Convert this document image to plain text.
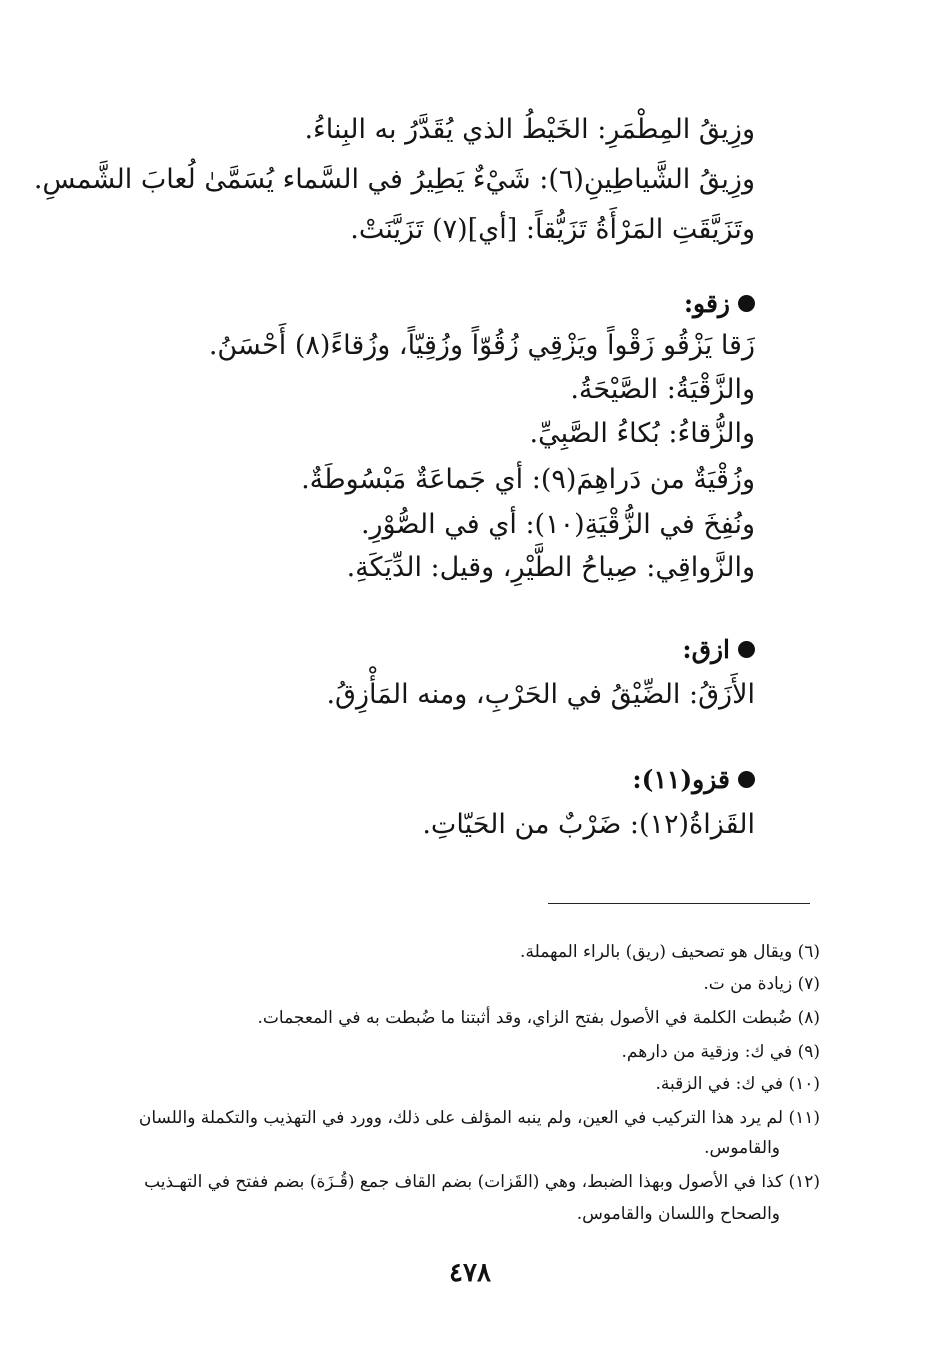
وزِيقُ المِطْمَرِ: الخَيْطُ الذي يُقَدَّرُ به البِناءُ.
وزِيقُ الشَّياطِينِ(٦): شَيْءٌ يَطِيرُ في السَّماء يُسَمَّىٰ لُعابَ الشَّمسِ.
وتَزَيَّقَتِ المَرْأَةُ تَزَيُّقاً: [أي](٧) تَزَيَّنَتْ.
زقو:
زَقا يَزْقُو زَقْواً ويَزْقِي زُقُوّاً وزُقِيّاً، وزُقاءً(٨) أَحْسَنُ.
والزَّقْيَةُ: الصَّيْحَةُ.
والزُّقاءُ: بُكاءُ الصَّبِيِّ.
وزُقْيَةٌ من دَراهِمَ(٩): أي جَماعَةٌ مَبْسُوطَةٌ.
ونُفِخَ في الزُّقْيَةِ(١٠): أي في الصُّوْرِ.
والزَّواقِي: صِياحُ الطَّيْرِ، وقيل: الدِّيَكَةِ.
ازق:
الأَزَقُ: الضِّيْقُ في الحَرْبِ، ومنه المَأْزِقُ.
قزو(١١):
القَزاةُ(١٢): ضَرْبٌ من الحَيّاتِ.
(٦) ويقال هو تصحيف (ريق) بالراء المهملة.
(٧) زيادة من ت.
(٨) ضُبطت الكلمة في الأصول بفتح الزاي، وقد أثبتنا ما ضُبطت به في المعجمات.
(٩) في ك: وزقية من دارهم.
(١٠) في ك: في الزقبة.
(١١) لم يرد هذا التركيب في العين، ولم ينبه المؤلف على ذلك، وورد في التهذيب والتكملة واللسان
والقاموس.
(١٢) كذا في الأصول وبهذا الضبط، وهي (القَزات) بضم القاف جمع (قُـزَة) بضم ففتح في التهـذيب
والصحاح واللسان والقاموس.
٤٧٨
